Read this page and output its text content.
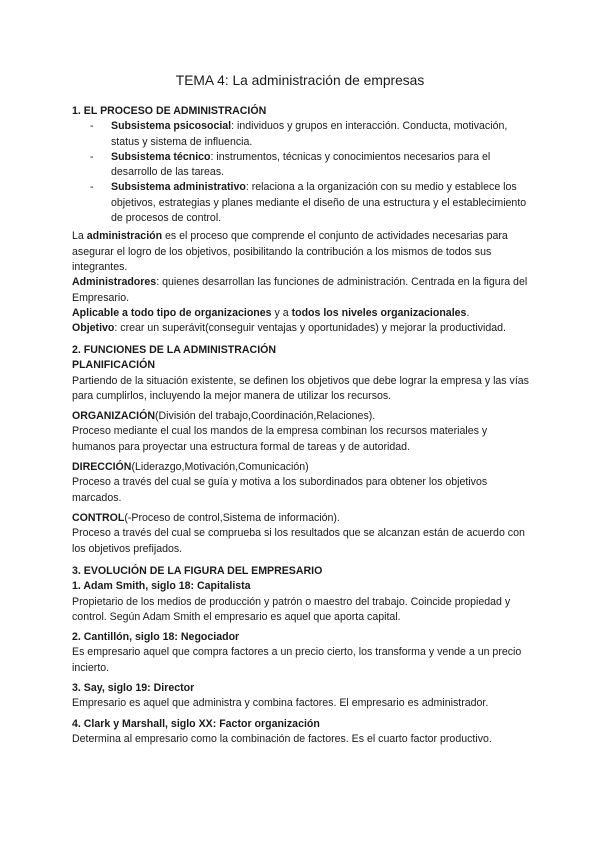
TEMA 4: La administración de empresas
1. EL PROCESO DE ADMINISTRACIÓN
- Subsistema psicosocial: individuos y grupos en interacción. Conducta, motivación, status y sistema de influencia.
- Subsistema técnico: instrumentos, técnicas y conocimientos necesarios para el desarrollo de las tareas.
- Subsistema administrativo: relaciona a la organización con su medio y establece los objetivos, estrategias y planes mediante el diseño de una estructura y el establecimiento de procesos de control.

La administración es el proceso que comprende el conjunto de actividades necesarias para asegurar el logro de los objetivos, posibilitando la contribución a los mismos de todos sus integrantes.

Administradores: quienes desarrollan las funciones de administración. Centrada en la figura del Empresario.

Aplicable a todo tipo de organizaciones y a todos los niveles organizacionales.

Objetivo: crear un superávit(conseguir ventajas y oportunidades) y mejorar la productividad.

2. FUNCIONES DE LA ADMINISTRACIÓN
PLANIFICACIÓN

Partiendo de la situación existente, se definen los objetivos que debe lograr la empresa y las vías para cumplirlos, incluyendo la mejor manera de utilizar los recursos.

ORGANIZACIÓN(División del trabajo,Coordinación,Relaciones).

Proceso mediante el cual los mandos de la empresa combinan los recursos materiales y humanos para proyectar una estructura formal de tareas y de autoridad.

DIRECCIÓN(Liderazgo,Motivación,Comunicación)

Proceso a través del cual se guía y motiva a los subordinados para obtener los objetivos marcados.

CONTROL(-Proceso de control,Sistema de información).

Proceso a través del cual se comprueba si los resultados que se alcanzan están de acuerdo con los objetivos prefijados.

3. EVOLUCIÓN DE LA FIGURA DEL EMPRESARIO
1. Adam Smith, siglo 18: Capitalista

Propietario de los medios de producción y patrón o maestro del trabajo. Coincide propiedad y control. Según Adam Smith el empresario es aquel que aporta capital.

2. Cantillón, siglo 18: Negociador

Es empresario aquel que compra factores a un precio cierto, los transforma y vende a un precio incierto.

3. Say, siglo 19: Director

Empresario es aquel que administra y combina factores. El empresario es administrador.

4. Clark y Marshall, siglo XX: Factor organización

Determina al empresario como la combinación de factores. Es el cuarto factor productivo.
